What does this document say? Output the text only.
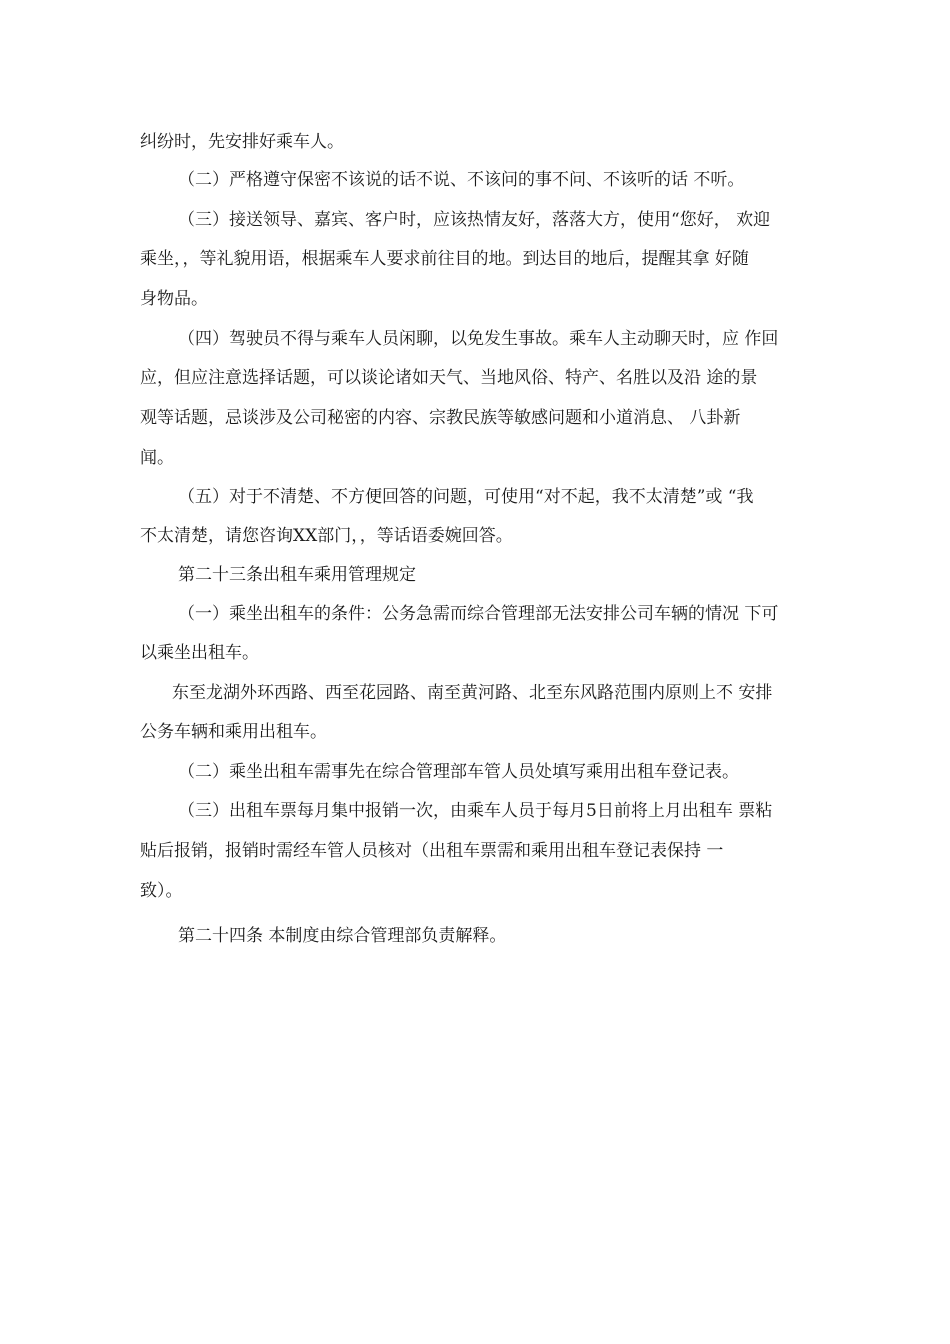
纠纷时，先安排好乘车人。
（二）严格遵守保密不该说的话不说、不该问的事不问、不该听的话 不听。
（三）接送领导、嘉宾、客户时，应该热情友好，落落大方，使用“您好， 欢迎
乘坐，，等礼貌用语，根据乘车人要求前往目的地。到达目的地后，提醒其拿 好随
身物品。
（四）驾驶员不得与乘车人员闲聊，以免发生事故。乘车人主动聊天时，应 作回
应，但应注意选择话题，可以谈论诸如天气、当地风俗、特产、名胜以及沿 途的景
观等话题，忌谈涉及公司秘密的内容、宗教民族等敏感问题和小道消息、 八卦新
闻。
（五）对于不清楚、不方便回答的问题，可使用“对不起，我不太清楚”或 “我
不太清楚，请您咨询XX部门，，等话语委婉回答。
第二十三条出租车乘用管理规定
（一）乘坐出租车的条件：公务急需而综合管理部无法安排公司车辆的情况 下可
以乘坐出租车。
东至龙湖外环西路、西至花园路、南至黄河路、北至东风路范围内原则上不 安排
公务车辆和乘用出租车。
（二）乘坐出租车需事先在综合管理部车管人员处填写乘用出租车登记表。
（三）出租车票每月集中报销一次，由乘车人员于每月5日前将上月出租车 票粘
贴后报销，报销时需经车管人员核对（出租车票需和乘用出租车登记表保持 一
致）。
第二十四条 本制度由综合管理部负责解释。
